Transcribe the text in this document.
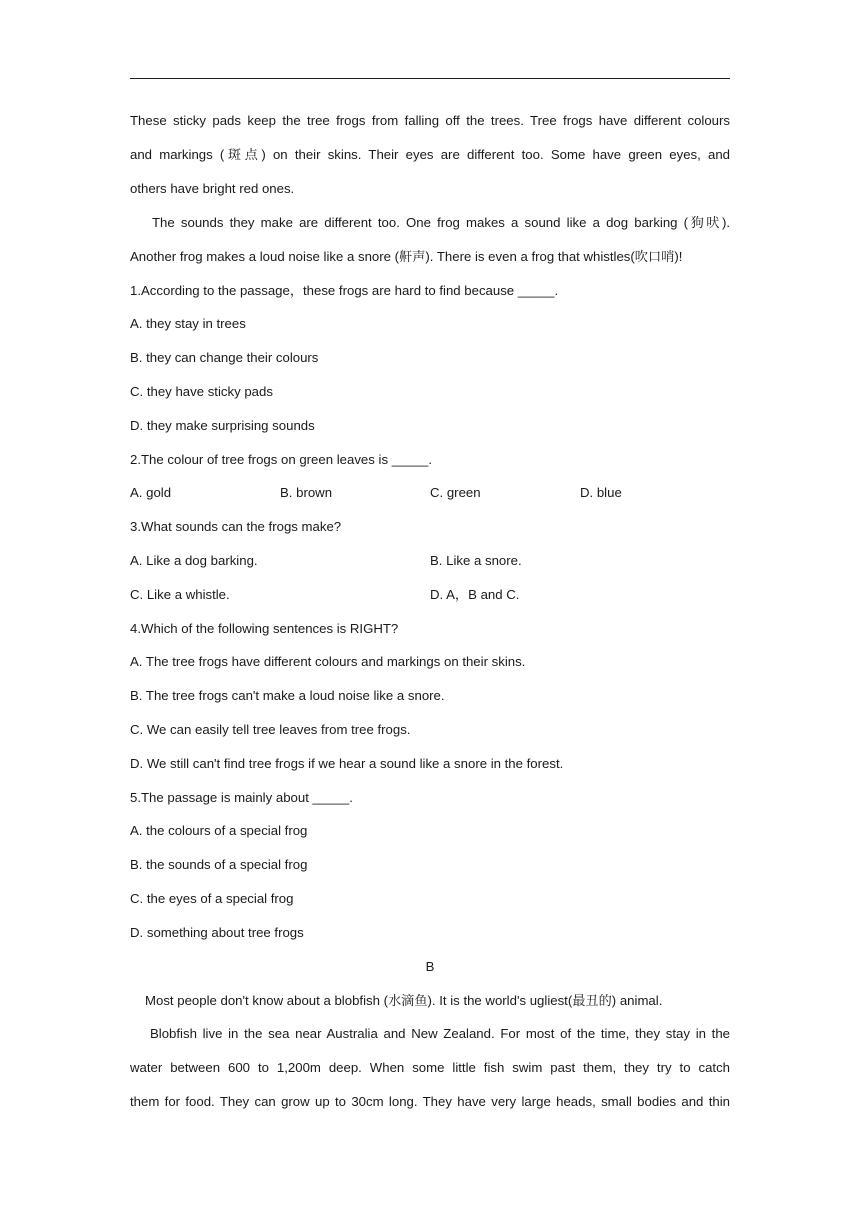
These sticky pads keep the tree frogs from falling off the trees. Tree frogs have different colours
and markings (斑点) on their skins. Their eyes are different too. Some have green eyes, and
others have bright red ones.
The sounds they make are different too. One frog makes a sound like a dog barking (狗吠).
Another frog makes a loud noise like a snore (鼾声). There is even a frog that whistles(吹口哨)!
1.According to the passage，these frogs are hard to find because _____.
A. they stay in trees
B. they can change their colours
C. they have sticky pads
D. they make surprising sounds
2.The colour of tree frogs on green leaves is _____.
A. gold	B. brown	C. green	D. blue
3.What sounds can the frogs make?
A. Like a dog barking.	B. Like a snore.
C. Like a whistle.	D. A，B and C.
4.Which of the following sentences is RIGHT?
A. The tree frogs have different colours and markings on their skins.
B. The tree frogs can't make a loud noise like a snore.
C. We can easily tell tree leaves from tree frogs.
D. We still can't find tree frogs if we hear a sound like a snore in the forest.
5.The passage is mainly about _____.
A. the colours of a special frog
B. the sounds of a special frog
C. the eyes of a special frog
D. something about tree frogs
B
Most people don't know about a blobfish (水滴鱼). It is the world's ugliest(最丑的) animal.
Blobfish live in the sea near Australia and New Zealand. For most of the time, they stay in the
water between 600 to 1,200m deep. When some little fish swim past them, they try to catch
them for food. They can grow up to 30cm long. They have very large heads, small bodies and thin
